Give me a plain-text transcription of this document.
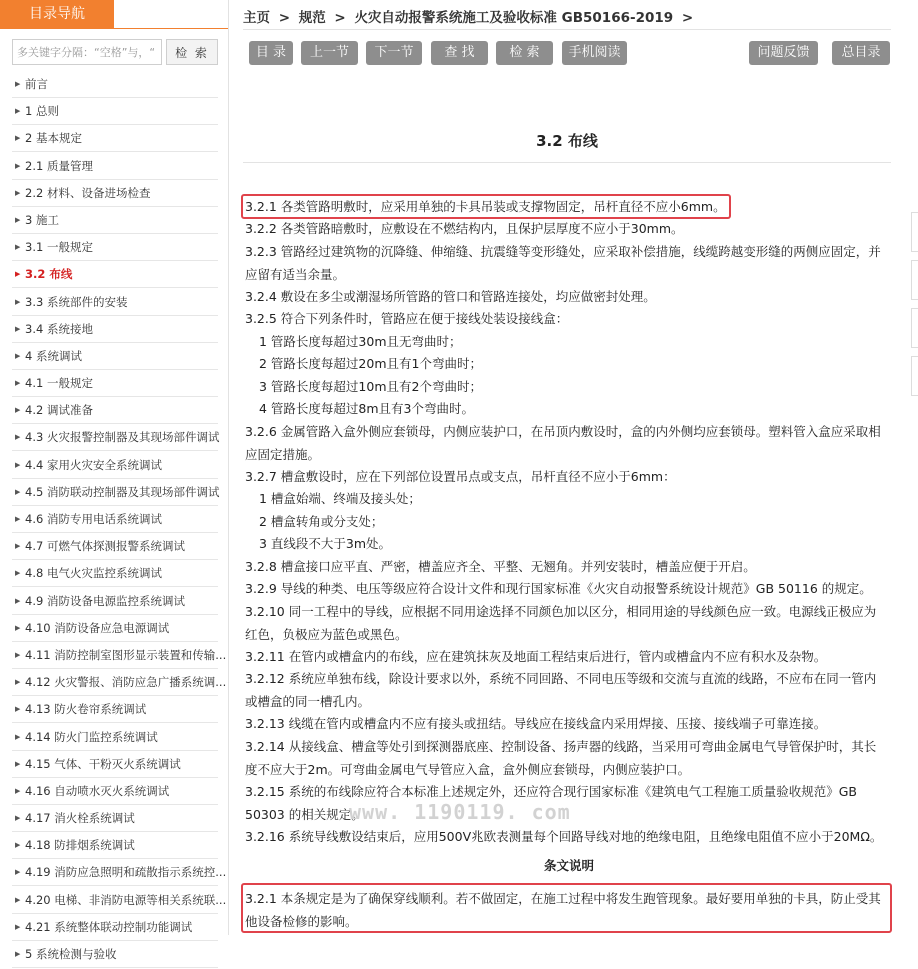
目录导航
多关键字分隔：“空格”与，“
检 索
▶ 前言
▶ 1 总则
▶ 2 基本规定
▶ 2.1 质量管理
▶ 2.2 材料、设备进场检查
▶ 3 施工
▶ 3.1 一般规定
▶ 3.2 布线
▶ 3.3 系统部件的安装
▶ 3.4 系统接地
▶ 4 系统调试
▶ 4.1 一般规定
▶ 4.2 调试准备
▶ 4.3 火灾报警控制器及其现场部件调试
▶ 4.4 家用火灾安全系统调试
▶ 4.5 消防联动控制器及其现场部件调试
▶ 4.6 消防专用电话系统调试
▶ 4.7 可燃气体探测报警系统调试
▶ 4.8 电气火灾监控系统调试
▶ 4.9 消防设备电源监控系统调试
▶ 4.10 消防设备应急电源调试
▶ 4.11 消防控制室图形显示装置和传输...
▶ 4.12 火灾警报、消防应急广播系统调...
▶ 4.13 防火卷帘系统调试
▶ 4.14 防火门监控系统调试
▶ 4.15 气体、干粉灭火系统调试
▶ 4.16 自动喷水灭火系统调试
▶ 4.17 消火栓系统调试
▶ 4.18 防排烟系统调试
▶ 4.19 消防应急照明和疏散指示系统控...
▶ 4.20 电梯、非消防电源等相关系统联...
▶ 4.21 系统整体联动控制功能调试
▶ 5 系统检测与验收
主页 > 规范 > 火灾自动报警系统施工及验收标准 GB50166-2019 >
目 录	上一节	下一节	查 找	检 索	手机阅读	问题反馈	总目录
3.2 布线
3.2.1 各类管路明敷时，应采用单独的卡具吊装或支撑物固定，吊杆直径不应小6mm。
3.2.2 各类管路暗敷时，应敷设在不燃结构内，且保护层厚度不应小于30mm。
3.2.3 管路经过建筑物的沉降缝、伸缩缝、抗震缝等变形缝处，应采取补偿措施，线缆跨越变形缝的两侧应固定，并应留有适当余量。
3.2.4 敷设在多尘或潮湿场所管路的管口和管路连接处，均应做密封处理。
3.2.5 符合下列条件时，管路应在便于接线处装设接线盒：
1 管路长度每超过30m且无弯曲时；
2 管路长度每超过20m且有1个弯曲时；
3 管路长度每超过10m且有2个弯曲时；
4 管路长度每超过8m且有3个弯曲时。
3.2.6 金属管路入盒外侧应套锁母，内侧应装护口，在吊顶内敷设时，盒的内外侧均应套锁母。塑料管入盒应采取相应固定措施。
3.2.7 槽盒敷设时，应在下列部位设置吊点或支点，吊杆直径不应小于6mm：
1 槽盒始端、终端及接头处；
2 槽盒转角或分支处；
3 直线段不大于3m处。
3.2.8 槽盒接口应平直、严密，槽盖应齐全、平整、无翘角。并列安装时，槽盖应便于开启。
3.2.9 导线的种类、电压等级应符合设计文件和现行国家标准《火灾自动报警系统设计规范》GB 50116 的规定。
3.2.10 同一工程中的导线，应根据不同用途选择不同颜色加以区分，相同用途的导线颜色应一致。电源线正极应为红色，负极应为蓝色或黑色。
3.2.11 在管内或槽盒内的布线，应在建筑抹灰及地面工程结束后进行，管内或槽盒内不应有积水及杂物。
3.2.12 系统应单独布线，除设计要求以外，系统不同回路、不同电压等级和交流与直流的线路，不应布在同一管内或槽盒的同一槽孔内。
3.2.13 线缆在管内或槽盒内不应有接头或扭结。导线应在接线盒内采用焊接、压接、接线端子可靠连接。
3.2.14 从接线盒、槽盒等处引到探测器底座、控制设备、扬声器的线路，当采用可弯曲金属电气导管保护时，其长度不应大于2m。可弯曲金属电气导管应入盒，盒外侧应套锁母，内侧应装护口。
3.2.15 系统的布线除应符合本标准上述规定外，还应符合现行国家标准《建筑电气工程施工质量验收规范》GB 50303 的相关规定。
3.2.16 系统导线敷设结束后，应用500V兆欧表测量每个回路导线对地的绝缘电阻，且绝缘电阻值不应小于20MΩ。
www. 1190119. com
条文说明
3.2.1 本条规定是为了确保穿线顺利。若不做固定，在施工过程中将发生跑管现象。最好要用单独的卡具，防止受其他设备检修的影响。
